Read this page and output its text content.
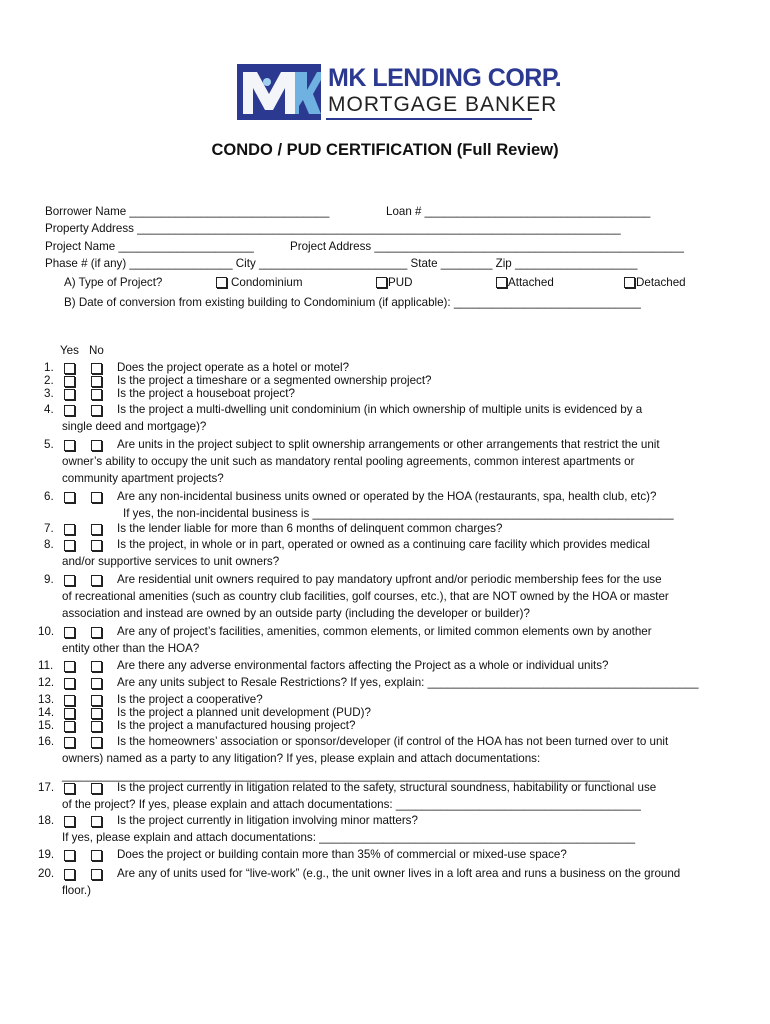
MK LENDING CORP.
MORTGAGE BANKER
CONDO / PUD CERTIFICATION (Full Review)
Borrower Name _______________________________	Loan # ___________________________________
Property Address ___________________________________________________________________________
Project Name _____________________	Project Address ________________________________________________
Phase # (if any) ________________ City _______________________ State ________ Zip ___________________
A) Type of Project?	Condominium	PUD	Attached	Detached
B) Date of conversion from existing building to Condominium (if applicable): _____________________________
Yes No
1.	Does the project operate as a hotel or motel?
2.	Is the project a timeshare or a segmented ownership project?
3.	Is the project a houseboat project?
4.	Is the project a multi-dwelling unit condominium (in which ownership of multiple units is evidenced by a
single deed and mortgage)?
5.	Are units in the project subject to split ownership arrangements or other arrangements that restrict the unit
owner’s ability to occupy the unit such as mandatory rental pooling agreements, common interest apartments or
community apartment projects?
6.	Are any non-incidental business units owned or operated by the HOA (restaurants, spa, health club, etc)?
If yes, the non-incidental business is ________________________________________________________
7.	Is the lender liable for more than 6 months of delinquent common charges?
8.	Is the project, in whole or in part, operated or owned as a continuing care facility which provides medical
and/or supportive services to unit owners?
9.	Are residential unit owners required to pay mandatory upfront and/or periodic membership fees for the use
of recreational amenities (such as country club facilities, golf courses, etc.), that are NOT owned by the HOA or master
association and instead are owned by an outside party (including the developer or builder)?
10.	Are any of project’s facilities, amenities, common elements, or limited common elements own by another
entity other than the HOA?
11.	Are there any adverse environmental factors affecting the Project as a whole or individual units?
12.	Are any units subject to Resale Restrictions? If yes, explain: __________________________________________
13.	Is the project a cooperative?
14.	Is the project a planned unit development (PUD)?
15.	Is the project a manufactured housing project?
16.	Is the homeowners’ association or sponsor/developer (if control of the HOA has not been turned over to unit
owners) named as a party to any litigation? If yes, please explain and attach documentations:
_____________________________________________________________________________________
17.	Is the project currently in litigation related to the safety, structural soundness, habitability or functional use
of the project? If yes, please explain and attach documentations: ______________________________________
18.	Is the project currently in litigation involving minor matters?
If yes, please explain and attach documentations: _________________________________________________
19.	Does the project or building contain more than 35% of commercial or mixed-use space?
20.	Are any of units used for “live-work” (e.g., the unit owner lives in a loft area and runs a business on the ground
floor.)
